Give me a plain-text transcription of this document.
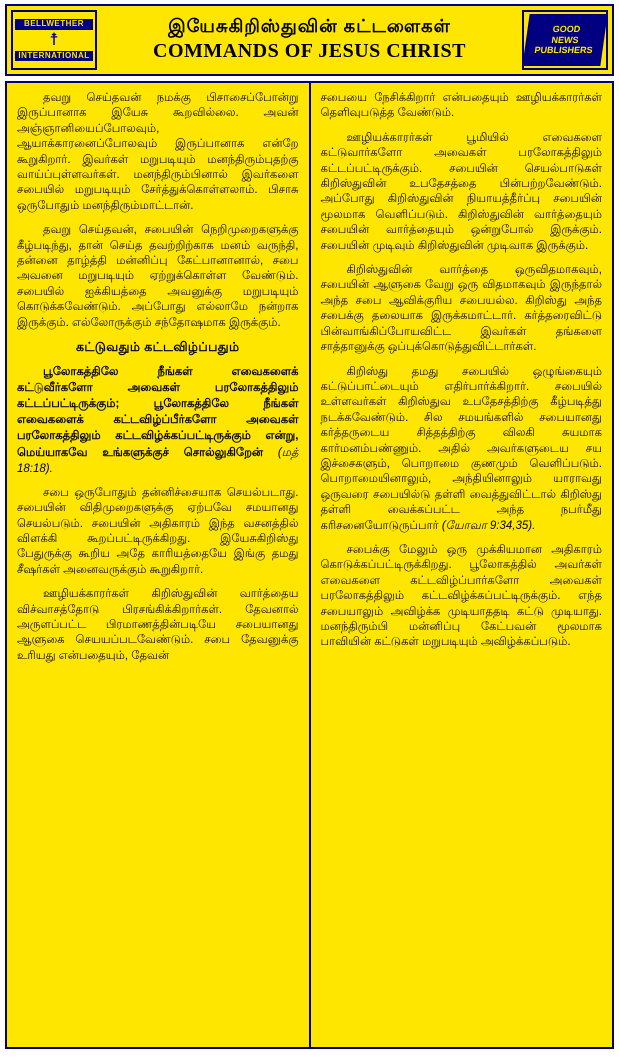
BELLWETHER
☨
INTERNATIONAL
இயேசுகிறிஸ்துவின் கட்டளைகள்
COMMANDS OF JESUS CHRIST
GOOD
NEWS
PUBLISHERS

தவறு செய்தவன் நமக்கு பிசாசைப்போன்று இருப்பானாக இயேசு கூறவில்லை. அவன் அஞ்ஞானியைப்போலவும், ஆயாக்காரனைப்போலவும் இருப்பானாக என்றே கூறுகிறார். இவர்கள் மறுபடியும் மனந்திரும்புதற்கு வாய்ப்புள்ளவர்கள். மனந்திரும்பினால் இவர்களை சபையில் மறுபடியும் சேர்த்துக்கொள்ளலாம். பிசாசு ஒருபோதும் மனந்திரும்மாட்டான்.

தவறு செய்தவன், சபையின் நெறிமுறைகளுக்கு கீழ்படிந்து, தான் செய்த தவற்றிற்காக மனம் வருந்தி, தன்னை தாழ்த்தி மன்னிப்பு கேட்பானானால், சபை அவனை மறுபடியும் ஏற்றுக்கொள்ள வேண்டும். சபையில் ஐக்கியத்தை அவனுக்கு மறுபடியும் கொடுக்கவேண்டும். அப்போது எல்லாமே நன்றாக இருக்கும். எல்லோருக்கும் சந்தோஷமாக இருக்கும்.

கட்டுவதும் கட்டவிழ்ப்பதும்

பூலோகத்திலே நீங்கள் எவைகளைக் கட்டுவீர்களோ அவைகள் பரலோகத்திலும் கட்டப்பட்டிருக்கும்; பூலோகத்திலே நீங்கள் எவைகளைக் கட்டவிழ்ப்பீர்களோ அவைகள் பரலோகத்திலும் கட்டவிழ்க்கப்பட்டிருக்கும் என்று, மெய்யாகவே உங்களுக்குச் சொல்லுகிறேன் (மத் 18:18).

சபை ஒருபோதும் தன்னிச்சையாக செயல்படாது. சபையின் விதிமுறைகளுக்கு ஏற்பவே சமயானது செயல்படும். சபையின் அதிகாரம் இந்த வசனத்தில் விளக்கி கூறப்பட்டிருக்கிறது. இயேசுகிறிஸ்து பேதுருக்கு கூறிய அதே காரியத்தையே இங்கு தமது சீஷர்கள் அனைவருக்கும் கூறுகிறார்.

ஊழியக்காரர்கள் கிறிஸ்துவின் வார்த்தைய விச்வாசத்தோடு பிரசங்கிக்கிறார்கள். தேவனால் அருளப்பட்ட பிரமாணத்தின்படியே சபையானது ஆளுகை செயயப்படவேண்டும். சபை தேவனுக்கு உரியது என்பதையும், தேவன்

சபையை நேசிக்கிறார் என்பதையும் ஊழியக்காரர்கள் தெளிவுபடுத்த வேண்டும்.

ஊழியக்காரர்கள் பூமியில் எவைகளை கட்டுவார்களோ அவைகள் பரலோகத்திலும் கட்டப்பட்டிருக்கும். சபையின் செயல்பாடுகள் கிறிஸ்துவின் உபதேசத்தை பின்பற்றவேண்டும். அப்போது கிறிஸ்துவின் நியாயத்தீர்ப்பு சபையின் மூலமாக வெளிப்படும். கிறிஸ்துவின் வார்த்தையும் சபையின் வார்த்தையும் ஒன்றுபோல் இருக்கும். சபையின் முடிவும் கிறிஸ்துவின் முடிவாக இருக்கும்.

கிறிஸ்துவின் வார்த்தை ஒருவிதமாகவும், சபையின் ஆளுகை வேறு ஒரு விதமாகவும் இருந்தால் அந்த சபை ஆவிக்குரிய சபையல்ல. கிறிஸ்து அந்த சபைக்கு தலையாக இருக்கமாட்டார். கர்த்தரைவிட்டு பின்வாங்கிப்போயவிட்ட இவர்கள் தங்களை சாத்தானுக்கு ஒப்புக்கொடுத்துவிட்டார்கள்.

கிறிஸ்து தமது சபையில் ஒழுங்கையும் கட்டுப்பாட்டையும் எதிர்பார்க்கிறார். சபையில் உள்ளவர்கள் கிறிஸ்துவ உபதேசத்திற்கு கீழ்படித்து நடக்கவேண்டும். சில சமயங்களில் சபையானது கர்த்தருடைய சித்தத்திற்கு விலகி சுயமாக கார்மனம்பண்ணும். அதில் அவர்களுடைய சய இச்சைகளும், பொறாமை குணமும் வெளிப்படும். பொறாமையினாலும், அந்தியினாலும் யாராவது ஒருவரை சபையில்டு தள்ளி வைத்துவிட்டால் கிறிஸ்து தள்ளி வைக்கப்பட்ட அந்த நபர்மீது கரிசனையோடுருப்பார் (யோவா 9:34,35).

சபைக்கு மேலும் ஒரு முக்கியமான அதிகாரம் கொடுக்கப்பட்டிருக்கிறது. பூலோகத்தில் அவர்கள் எவைகளை கட்டவிழ்ப்பார்களோ அவைகள் பரலோகத்திலும் கட்டவிழ்க்கப்பட்டிருக்கும். எந்த சபையாலும் அவிழ்க்க முடியாததடி கட்டு முடியாது. மனந்திரும்பி மன்னிப்பு கேட்பவன் மூலமாக பாவியின் கட்டுகள் மறுபடியும் அவிழ்க்கப்படும்.
